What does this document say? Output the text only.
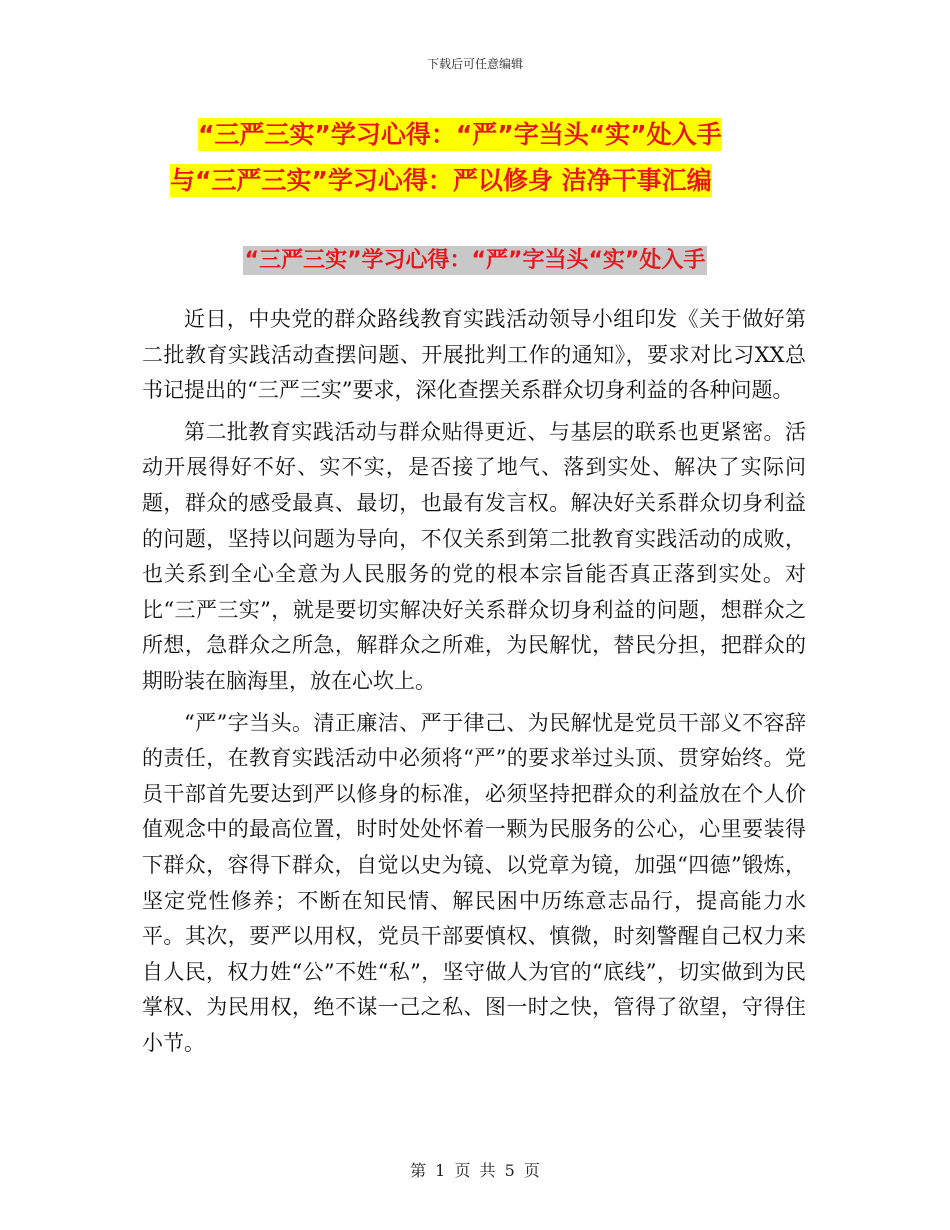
下载后可任意编辑
“三严三实”学习心得：“严”字当头“实”处入手
与“三严三实”学习心得：严以修身 洁净干事汇编
“三严三实”学习心得：“严”字当头“实”处入手

近日，中央党的群众路线教育实践活动领导小组印发《关于做好第二批教育实践活动查摆问题、开展批判工作的通知》，要求对比习XX总书记提出的“三严三实”要求，深化查摆关系群众切身利益的各种问题。

第二批教育实践活动与群众贴得更近、与基层的联系也更紧密。活动开展得好不好、实不实，是否接了地气、落到实处、解决了实际问题，群众的感受最真、最切，也最有发言权。解决好关系群众切身利益的问题，坚持以问题为导向，不仅关系到第二批教育实践活动的成败，也关系到全心全意为人民服务的党的根本宗旨能否真正落到实处。对比“三严三实”，就是要切实解决好关系群众切身利益的问题，想群众之所想，急群众之所急，解群众之所难，为民解忧，替民分担，把群众的期盼装在脑海里，放在心坎上。

“严”字当头。清正廉洁、严于律己、为民解忧是党员干部义不容辞的责任，在教育实践活动中必须将“严”的要求举过头顶、贯穿始终。党员干部首先要达到严以修身的标准，必须坚持把群众的利益放在个人价值观念中的最高位置，时时处处怀着一颗为民服务的公心，心里要装得下群众，容得下群众，自觉以史为镜、以党章为镜，加强“四德”锻炼，坚定党性修养；不断在知民情、解民困中历练意志品行，提高能力水平。其次，要严以用权，党员干部要慎权、慎微，时刻警醒自己权力来自人民，权力姓“公”不姓“私”，坚守做人为官的“底线”，切实做到为民掌权、为民用权，绝不谋一己之私、图一时之快，管得了欲望，守得住小节。

第 1 页 共 5 页
